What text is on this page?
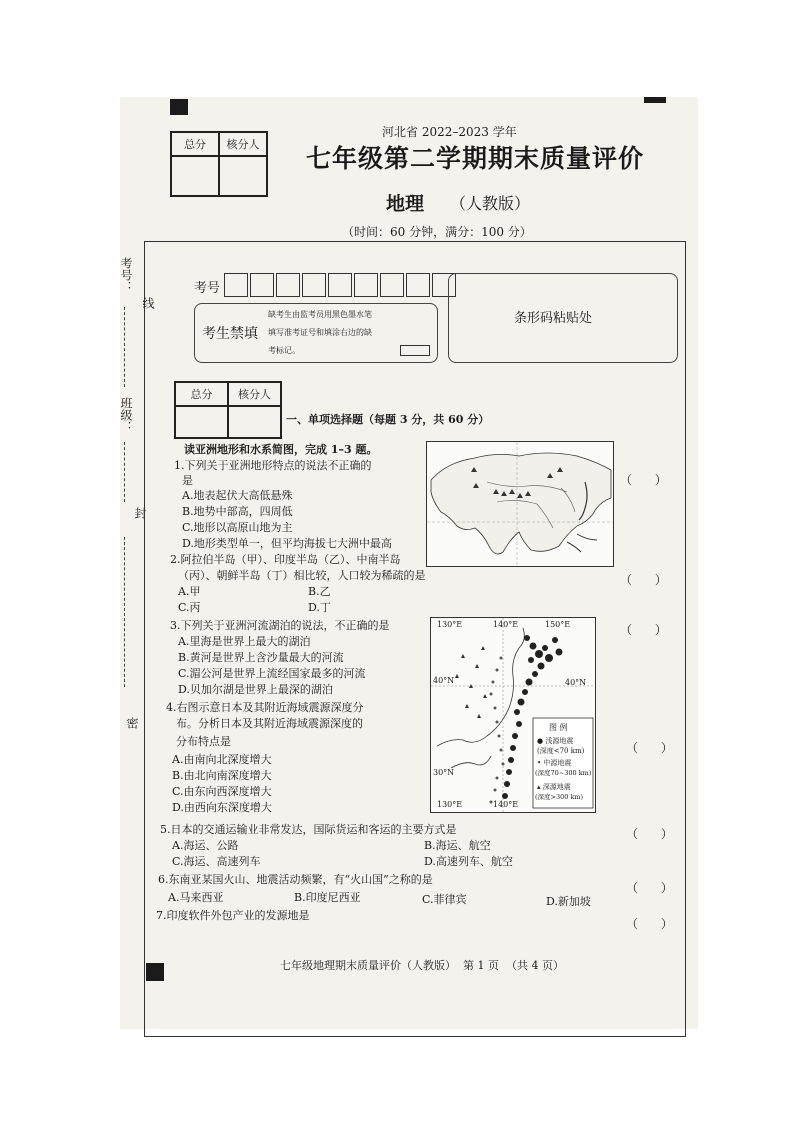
考号：
线
班级：
封
密
总分	核分人
河北省 2022–2023 学年
七年级第二学期期末质量评价
地理 （人教版）
（时间：60 分钟，满分：100 分）
考号
考生禁填
缺考生由监考员用黑色墨水笔
填写准考证号和填涂右边的缺
考标记。
条形码粘贴处
总分	核分人
一、单项选择题（每题 3 分，共 60 分）
读亚洲地形和水系简图，完成 1–3 题。
1.下列关于亚洲地形特点的说法不正确的
是
A.地表起伏大高低悬殊
B.地势中部高，四周低
C.地形以高原山地为主
D.地形类型单一，但平均海拔七大洲中最高
2.阿拉伯半岛（甲）、印度半岛（乙）、中南半岛
（丙）、朝鲜半岛（丁）相比较，人口较为稀疏的是
A.甲	B.乙
C.丙	D.丁
3.下列关于亚洲河流湖泊的说法，不正确的是
A.里海是世界上最大的湖泊
B.黄河是世界上含沙量最大的河流
C.湄公河是世界上流经国家最多的河流
D.贝加尔湖是世界上最深的湖泊
4.右图示意日本及其附近海域震源深度分
布。分析日本及其附近海域震源深度的
分布特点是
A.由南向北深度增大
B.由北向南深度增大
C.由东向西深度增大
D.由西向东深度增大
5.日本的交通运输业非常发达，国际货运和客运的主要方式是
A.海运、公路	B.海运、航空
C.海运、高速列车	D.高速列车、航空
6.东南亚某国火山、地震活动频繁，有“火山国”之称的是
A.马来西亚	B.印度尼西亚	C.菲律宾	D.新加坡
7.印度软件外包产业的发源地是
（      ）
（      ）
（      ）
（      ）
（      ）
（      ）
（      ）
130°E	140°E	150°E
40°N	40°N
30°N
130°E	140°E
图 例
● 浅源地震
(深度<70 km)
• 中源地震
(深度70~300 km)
▴ 深源地震
(深度>300 km)
七年级地理期末质量评价（人教版）  第 1 页  （共 4 页）
